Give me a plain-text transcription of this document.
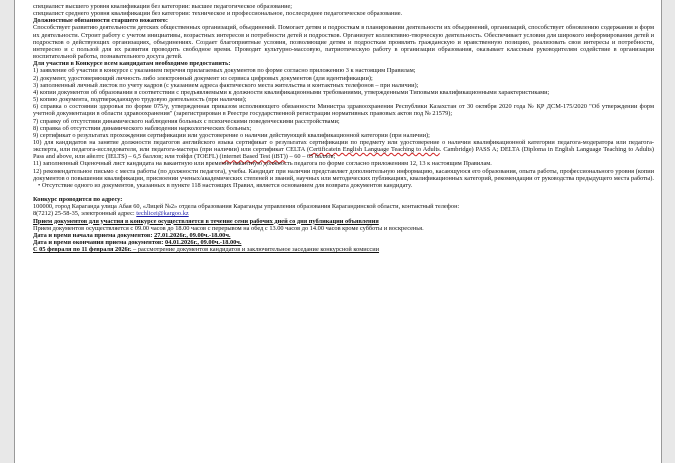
специалист высшего уровня квалификации без категории: высшее педагогическое образование;

специалист среднего уровня квалификации без категории: техническое и профессиональное, послесреднее педагогическое образование.

Должностные обязанности старшего вожатого:

Способствует развитию деятельности детских общественных организаций, объединений. Помогает детям и подросткам в планировании деятельности их объединений, организаций, способствует обновлению содержания и форм их деятельности. Строит работу с учетом инициативы, возрастных интересов и потребности детей и подростков. Организует коллективно-творческую деятельность. Обеспечивает условия для широкого информирования детей и подростков о действующих организациях, объединениях. Создает благоприятные условия, позволяющие детям и подросткам проявлять гражданскую и нравственную позицию, реализовать свои интересы и потребности, интересно и с пользой для их развития проводить свободное время. Проводит культурно-массовую, патриотическую работу в организации образования, оказывает классным руководителям содействие в организации воспитательной работы, познавательного досуга детей.

Для участия в Конкурсе всем кандидатам необходимо предоставить:

1) заявление об участии в конкурсе с указанием перечня прилагаемых документов по форме согласно приложению 3 к настоящим Правилам;

2) документ, удостоверяющий личность либо электронный документ из сервиса цифровых документов (для идентификации);

3) заполненный личный листок по учету кадров (с указанием адреса фактического места жительства и контактных телефонов – при наличии);

4) копии документов об образовании в соответствии с предъявляемыми к должности квалификационными требованиями, утвержденными Типовыми квалификационными характеристиками;

5) копию документа, подтверждающую трудовую деятельность (при наличии);

6) справка о состоянии здоровья по форме 075/у, утвержденная приказом исполняющего обязанности Министра здравоохранения Республики Казахстан от 30 октября 2020 года № ҚР ДСМ-175/2020 "Об утверждении форм учетной документации в области здравоохранения" (зарегистрирован в Реестре государственной регистрации нормативных правовых актов под № 21579);

7) справку об отсутствии динамического наблюдения больных с психическими поведенческими расстройствами;

8) справка об отсутствии динамического наблюдения наркологических больных;

9) сертификат о результатах прохождения сертификации или удостоверение о наличии действующей квалификационной категории (при наличии);

10) для кандидатов на занятие должности педагогов английского языка сертификат о результатах сертификации по предмету или удостоверение о наличии квалификационной категории педагога-модератора или педагога-эксперта, или педагога-исследователя, или педагога-мастера (при наличии) или сертификат CELTA (Certificatein English Language Teaching to Adults. Cambridge) PASS A; DELTA (Diploma in English Language Teaching to Adults) Pass and above, или айелтс (IELTS) – 6,5 баллов; или тойфл (TOEFL) (internet Based Test (iBT)) – 60 – 65 баллов;

11) заполненный Оценочный лист кандидата на вакантную или временно вакантную должность педагога по форме согласно приложениям 12, 13 к настоящим Правилам.

12) рекомендательное письмо с места работы (по должности педагога), учебы. Кандидат при наличии представляет дополнительную информацию, касающуюся его образования, опыта работы, профессионального уровня (копии документов о повышении квалификации, присвоении ученых/академических степеней и званий, научных или методических публикациях, квалификационных категорий, рекомендации от руководства предыдущего места работы).

• Отсутствие одного из документов, указанных в пункте 118 настоящих Правил, является основанием для возврата документов кандидату.

Конкурс проводится по адресу:

100000, город Караганда улица Абая 60, «Лицей №2» отдела образования Караганды управления образования Карагандинской области, контактный телефон:

8(7212) 25-58-35, электронный адрес: techlicei@kargoo.kz

Прием документов для участия в конкурсе осуществляется в течение семи рабочих дней со дня публикации объявления

Прием документов осуществляется с 09.00 часов до 18.00 часов с перерывом на обед с 13.00 часов до 14.00 часов кроме субботы и воскресенья.

Дата и время начала приема документов: 27.01.2026г., 09.00ч.-18.00ч.

Дата и время окончания приема документов: 04.01.2026г., 09.00ч.-18.00ч.

С 05 февраля по 11 февраля 2026г. – рассмотрение документов кандидатов и заключительное заседание конкурсной комиссии
